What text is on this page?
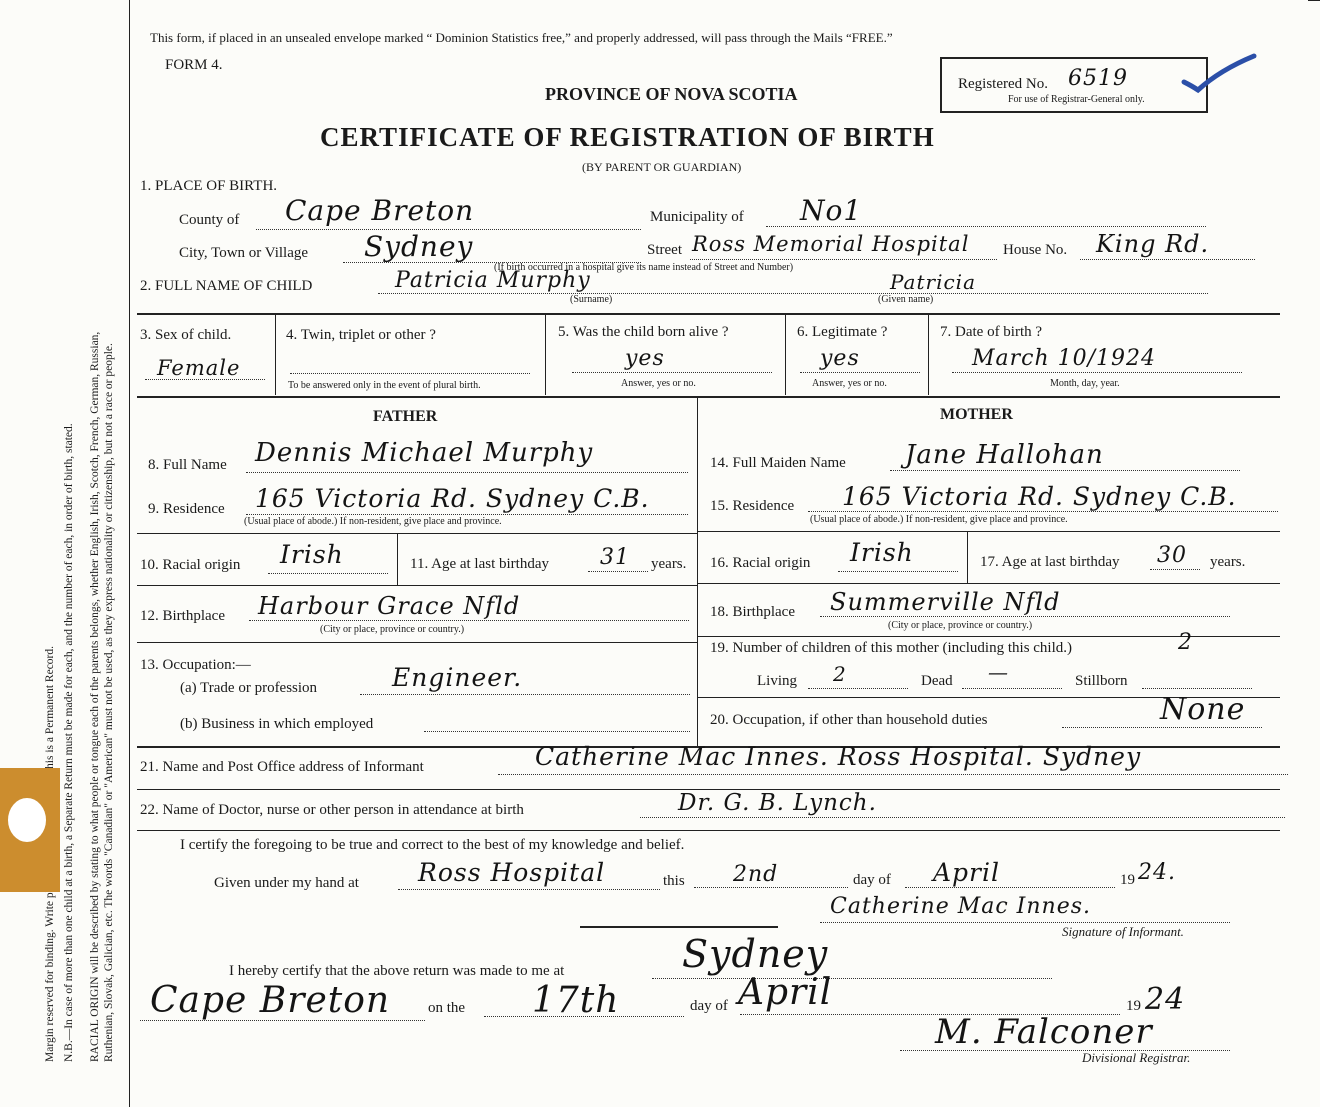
N.B.—In case of more than one child at a birth, a Separate Return must be made for each, and the number of each, in order of birth, stated. RACIAL ORIGIN will be described by stating to what people or tongue each of the parents belongs, whether English, Irish, Scotch, French, German, Russian, Ruthenian, Slovak, Galician, etc. The words "Canadian" or "American" must not be used, as they express nationality or citizenship, but not a race or people.
This form, if placed in an unsealed envelope marked “ Dominion Statistics free,” and properly addressed, will pass through the Mails “FREE.”
FORM 4.
PROVINCE OF NOVA SCOTIA
CERTIFICATE OF REGISTRATION OF BIRTH
(BY PARENT OR GUARDIAN)
Registered No. 6519
For use of Registrar-General only.
1. PLACE OF BIRTH.
County of Cape Breton	Municipality of No1
City, Town or Village Sydney	Street Ross Memorial Hospital House No. King Rd.
(If birth occurred in a hospital give its name instead of Street and Number)
2. FULL NAME OF CHILD	Patricia Murphy
(Surname)
Patricia
(Given name)
3. Sex of child.
Female
4. Twin, triplet or other ?
To be answered only in the event of plural birth.
5. Was the child born alive ?
yes
Answer, yes or no.
6. Legitimate ?
yes
Answer, yes or no.
7. Date of birth ?
March 10/1924
Month, day, year.
FATHER
8. Full Name Dennis Michael Murphy
9. Residence 165 Victoria Rd. Sydney C.B.
(Usual place of abode.) If non-resident, give place and province.
10. Racial origin Irish	11. Age at last birthday 31 years.
12. Birthplace Harbour Grace Nfld
(City or place, province or country.)
13. Occupation:—
(a) Trade or profession	Engineer.
(b) Business in which employed
MOTHER
14. Full Maiden Name Jane Hallohan
15. Residence 165 Victoria Rd. Sydney C.B.
(Usual place of abode.) If non-resident, give place and province.
16. Racial origin Irish	17. Age at last birthday 30 years.
18. Birthplace Summerville Nfld
(City or place, province or country.)
19. Number of children of this mother (including this child.)	2
Living 2	Dead —	Stillborn
20. Occupation, if other than household duties	None
21. Name and Post Office address of Informant	Catherine Mac Innes. Ross Hospital. Sydney
22. Name of Doctor, nurse or other person in attendance at birth	Dr. G. B. Lynch.
I certify the foregoing to be true and correct to the best of my knowledge and belief.
Given under my hand at Ross Hospital	this 2nd	day of April	19 24.
Catherine Mac Innes.
Signature of Informant.
I hereby certify that the above return was made to me at	Sydney
Cape Breton	on the 17th	day of April	19 24
M. Falconer
Divisional Registrar.
